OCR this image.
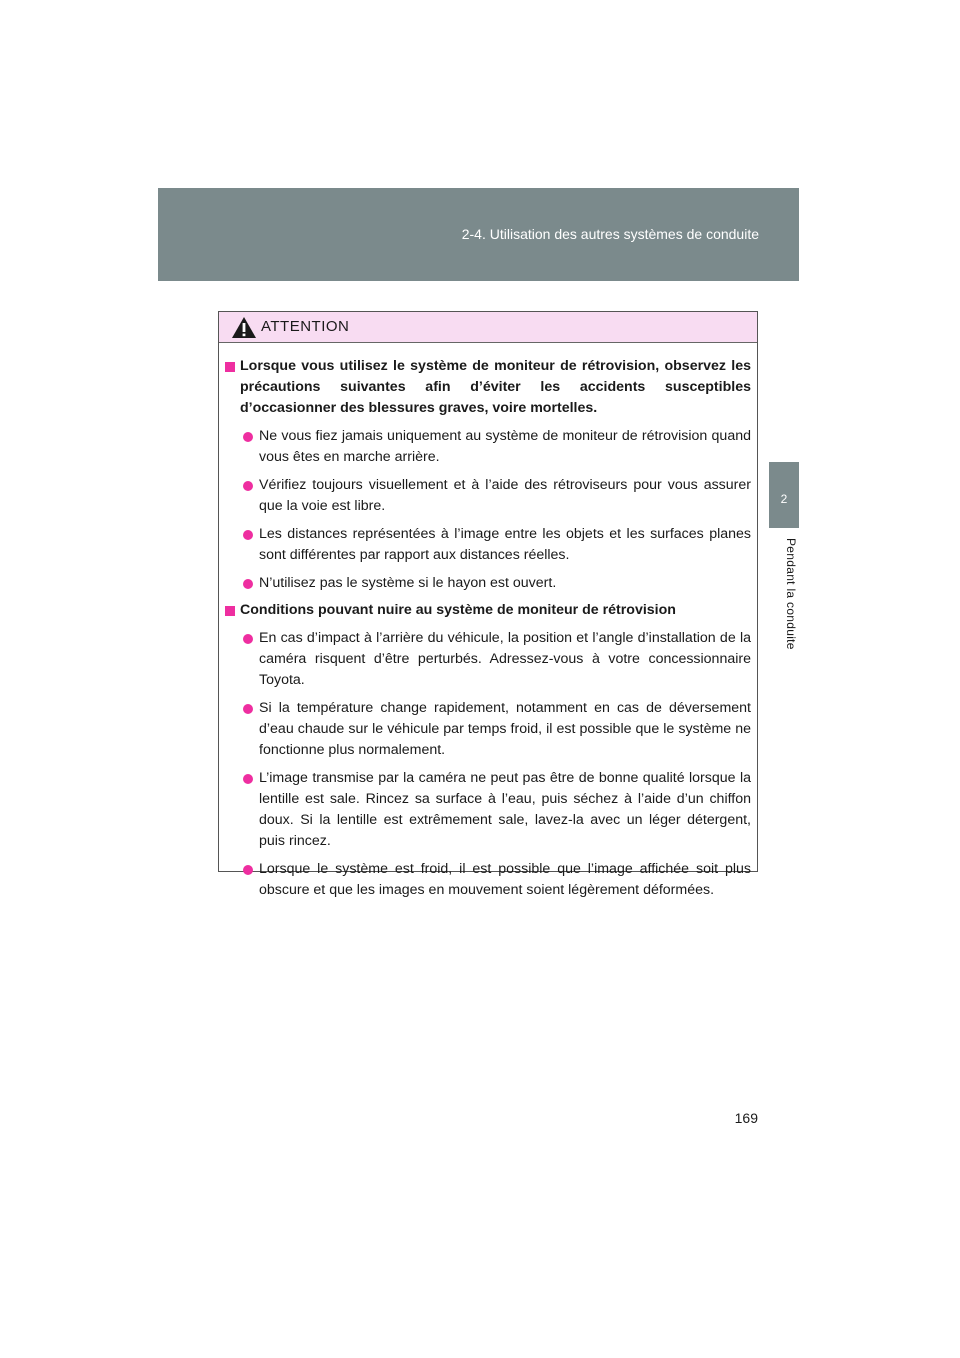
2-4. Utilisation des autres systèmes de conduite
2
Pendant la conduite
ATTENTION
Lorsque vous utilisez le système de moniteur de rétrovision, observez les précautions suivantes afin d’éviter les accidents susceptibles d’occasionner des blessures graves, voire mortelles.
Ne vous fiez jamais uniquement au système de moniteur de rétrovision quand vous êtes en marche arrière.
Vérifiez toujours visuellement et à l’aide des rétroviseurs pour vous assurer que la voie est libre.
Les distances représentées à l’image entre les objets et les surfaces planes sont différentes par rapport aux distances réelles.
N’utilisez pas le système si le hayon est ouvert.
Conditions pouvant nuire au système de moniteur de rétrovision
En cas d’impact à l’arrière du véhicule, la position et l’angle d’installation de la caméra risquent d’être perturbés. Adressez-vous à votre concessionnaire Toyota.
Si la température change rapidement, notamment en cas de déversement d’eau chaude sur le véhicule par temps froid, il est possible que le système ne fonctionne plus normalement.
L’image transmise par la caméra ne peut pas être de bonne qualité lorsque la lentille est sale. Rincez sa surface à l’eau, puis séchez à l’aide d’un chiffon doux. Si la lentille est extrêmement sale, lavez-la avec un léger détergent, puis rincez.
Lorsque le système est froid, il est possible que l’image affichée soit plus obscure et que les images en mouvement soient légèrement déformées.
169
